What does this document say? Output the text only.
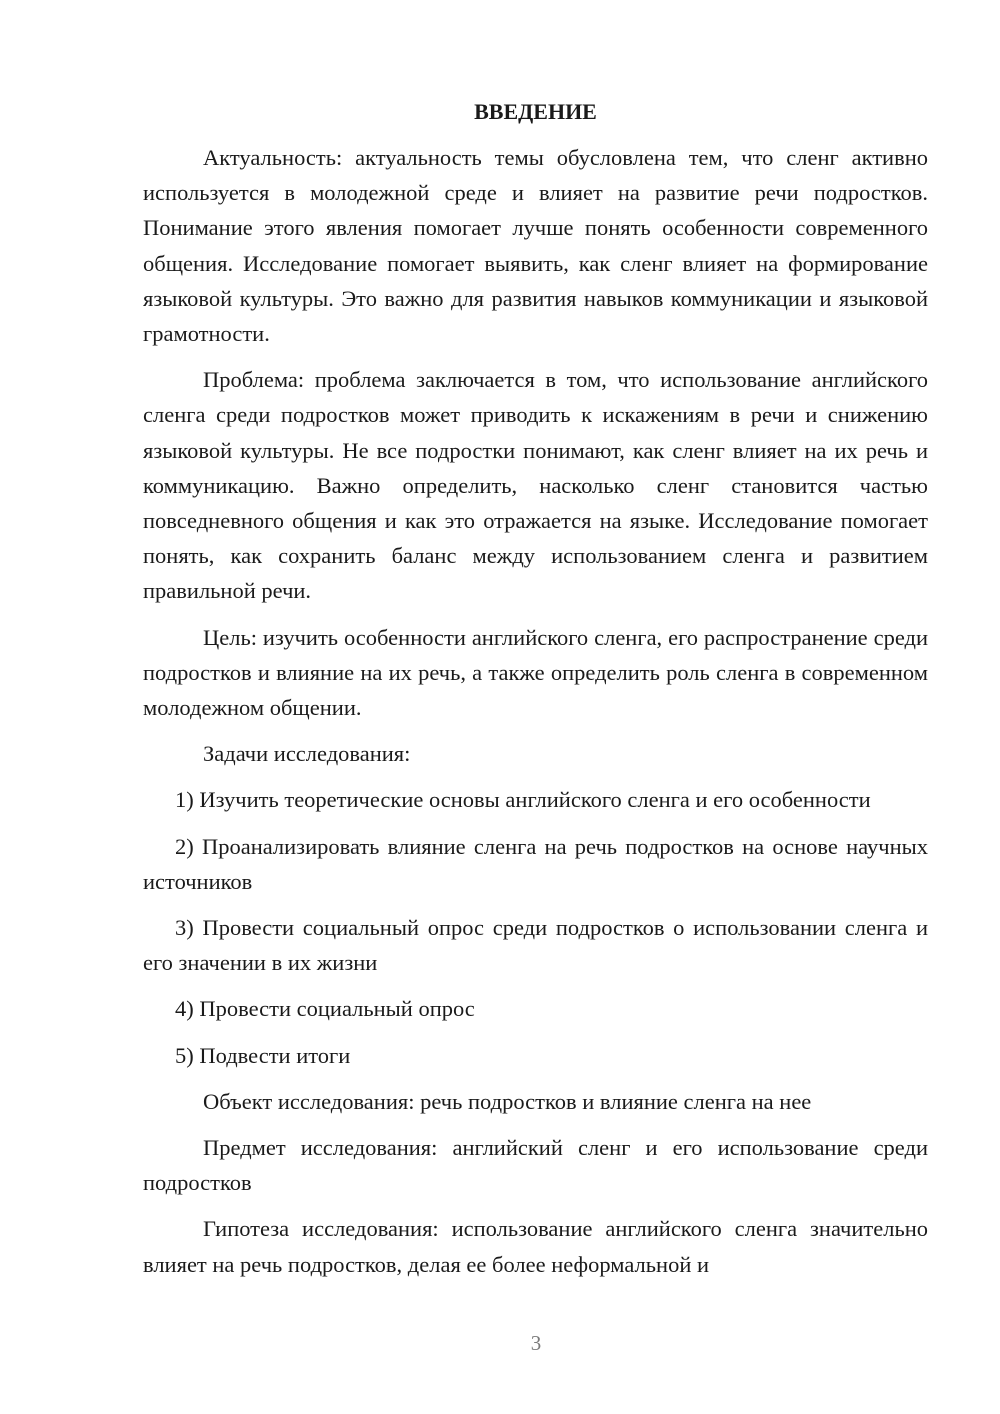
ВВЕДЕНИЕ

Актуальность: актуальность темы обусловлена тем, что сленг активно используется в молодежной среде и влияет на развитие речи подростков. Понимание этого явления помогает лучше понять особенности современного общения. Исследование помогает выявить, как сленг влияет на формирование языковой культуры. Это важно для развития навыков коммуникации и языковой грамотности.

Проблема: проблема заключается в том, что использование английского сленга среди подростков может приводить к искажениям в речи и снижению языковой культуры. Не все подростки понимают, как сленг влияет на их речь и коммуникацию. Важно определить, насколько сленг становится частью повседневного общения и как это отражается на языке. Исследование помогает понять, как сохранить баланс между использованием сленга и развитием правильной речи.

Цель: изучить особенности английского сленга, его распространение среди подростков и влияние на их речь, а также определить роль сленга в современном молодежном общении.

Задачи исследования:

1) Изучить теоретические основы английского сленга и его особенности

2) Проанализировать влияние сленга на речь подростков на основе научных источников

3) Провести социальный опрос среди подростков о использовании сленга и его значении в их жизни

4) Провести социальный опрос

5) Подвести итоги

Объект исследования: речь подростков и влияние сленга на нее

Предмет исследования: английский сленг и его использование среди подростков

Гипотеза исследования: использование английского сленга значительно влияет на речь подростков, делая ее более неформальной и

3
